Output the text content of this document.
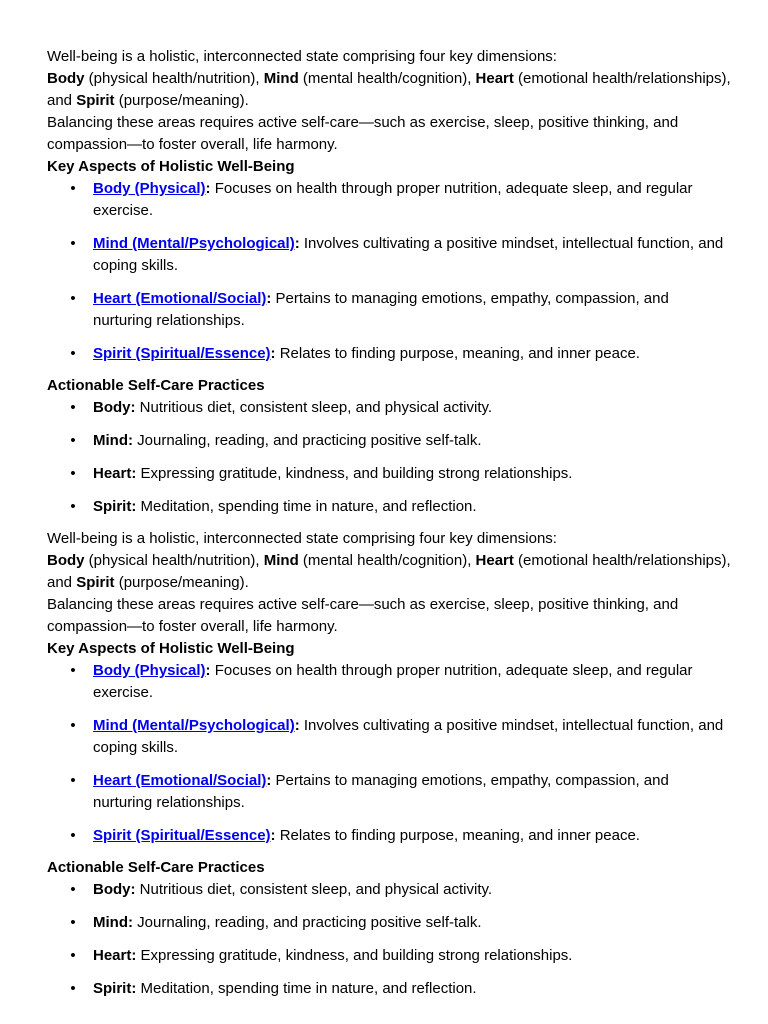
Well-being is a holistic, interconnected state comprising four key dimensions:

Body (physical health/nutrition), Mind (mental health/cognition), Heart (emotional health/relationships),
and Spirit (purpose/meaning).

Balancing these areas requires active self-care—such as exercise, sleep, positive thinking, and compassion—to foster overall, life harmony.

Key Aspects of Holistic Well-Being

• Body (Physical): Focuses on health through proper nutrition, adequate sleep, and regular exercise.
• Mind (Mental/Psychological): Involves cultivating a positive mindset, intellectual function, and coping skills.
• Heart (Emotional/Social): Pertains to managing emotions, empathy, compassion, and nurturing relationships.
• Spirit (Spiritual/Essence): Relates to finding purpose, meaning, and inner peace.

Actionable Self-Care Practices

• Body: Nutritious diet, consistent sleep, and physical activity.
• Mind: Journaling, reading, and practicing positive self-talk.
• Heart: Expressing gratitude, kindness, and building strong relationships.
• Spirit: Meditation, spending time in nature, and reflection.

Well-being is a holistic, interconnected state comprising four key dimensions:

Body (physical health/nutrition), Mind (mental health/cognition), Heart (emotional health/relationships),
and Spirit (purpose/meaning).

Balancing these areas requires active self-care—such as exercise, sleep, positive thinking, and compassion—to foster overall, life harmony.

Key Aspects of Holistic Well-Being

• Body (Physical): Focuses on health through proper nutrition, adequate sleep, and regular exercise.
• Mind (Mental/Psychological): Involves cultivating a positive mindset, intellectual function, and coping skills.
• Heart (Emotional/Social): Pertains to managing emotions, empathy, compassion, and nurturing relationships.
• Spirit (Spiritual/Essence): Relates to finding purpose, meaning, and inner peace.

Actionable Self-Care Practices

• Body: Nutritious diet, consistent sleep, and physical activity.
• Mind: Journaling, reading, and practicing positive self-talk.
• Heart: Expressing gratitude, kindness, and building strong relationships.
• Spirit: Meditation, spending time in nature, and reflection.
